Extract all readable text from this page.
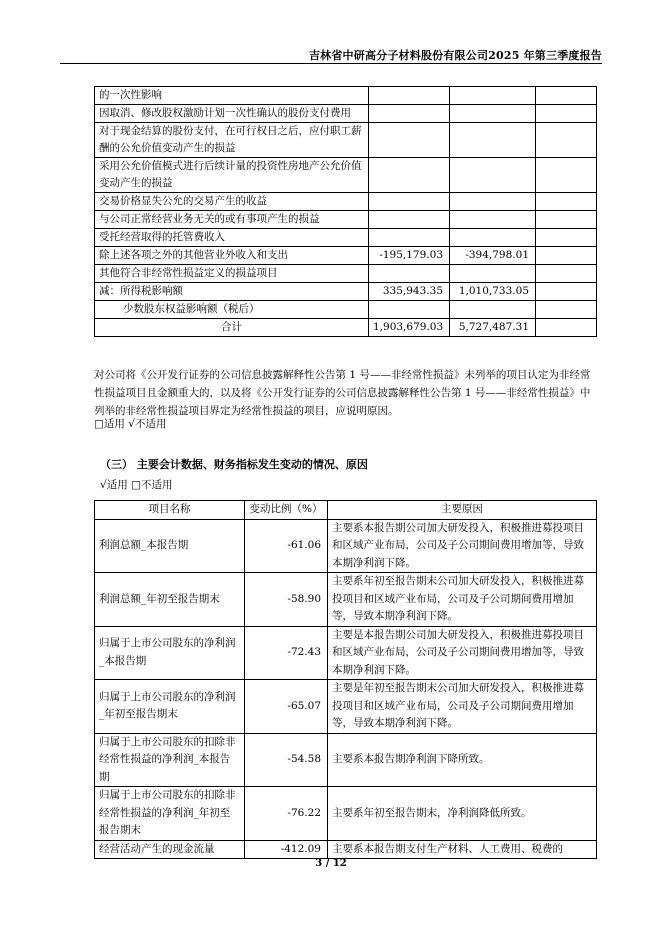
吉林省中研高分子材料股份有限公司2025 年第三季度报告
的一次性影响			
因取消、修改股权激励计划一次性确认的股份支付费用			
对于现金结算的股份支付，在可行权日之后，应付职工薪酬的公允价值变动产生的损益			
采用公允价值模式进行后续计量的投资性房地产公允价值变动产生的损益			
交易价格显失公允的交易产生的收益			
与公司正常经营业务无关的或有事项产生的损益			
受托经营取得的托管费收入			
除上述各项之外的其他营业外收入和支出	-195,179.03	-394,798.01	
其他符合非经常性损益定义的损益项目			
减：所得税影响额	335,943.35	1,010,733.05	
少数股东权益影响额（税后）			
合计	1,903,679.03	5,727,487.31	
对公司将《公开发行证券的公司信息披露解释性公告第 1 号——非经常性损益》未列举的项目认定为非经常性损益项目且金额重大的，以及将《公开发行证券的公司信息披露解释性公告第 1 号——非经常性损益》中列举的非经常性损益项目界定为经常性损益的项目，应说明原因。
□适用 √不适用
（三） 主要会计数据、财务指标发生变动的情况、原因
√适用 □不适用
项目名称	变动比例（%）	主要原因
利润总额_本报告期	-61.06	主要系本报告期公司加大研发投入，积极推进募投项目和区域产业布局，公司及子公司期间费用增加等，导致本期净利润下降。
利润总额_年初至报告期末	-58.90	主要系年初至报告期末公司加大研发投入，积极推进募投项目和区域产业布局，公司及子公司期间费用增加等，导致本期净利润下降。
归属于上市公司股东的净利润_本报告期	-72.43	主要是本报告期公司加大研发投入，积极推进募投项目和区域产业布局，公司及子公司期间费用增加等，导致本期净利润下降。
归属于上市公司股东的净利润_年初至报告期末	-65.07	主要是年初至报告期末公司加大研发投入，积极推进募投项目和区域产业布局，公司及子公司期间费用增加等，导致本期净利润下降。
归属于上市公司股东的扣除非经常性损益的净利润_本报告期	-54.58	主要系本报告期净利润下降所致。
归属于上市公司股东的扣除非经常性损益的净利润_年初至报告期末	-76.22	主要系年初至报告期末，净利润降低所致。
经营活动产生的现金流量	-412.09	主要系本报告期支付生产材料、人工费用、税费的
3 / 12
